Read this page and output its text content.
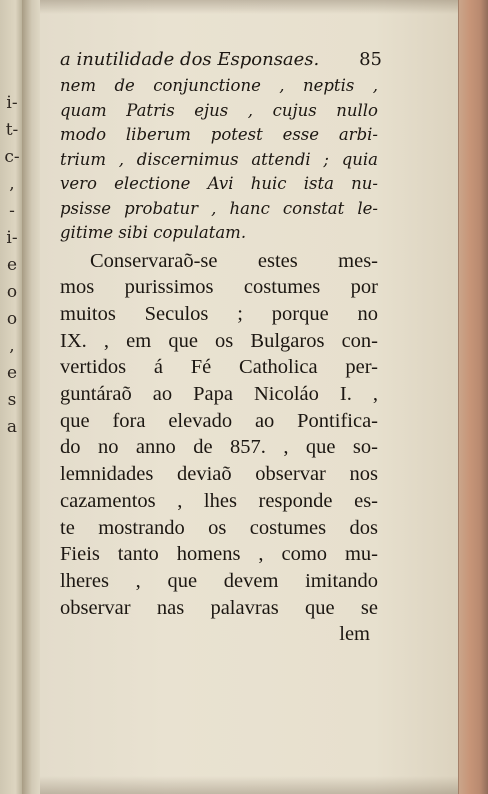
i-
t-
c-
,
-
i-
e
o
o
,
e
s
a
a inutilidade dos Esponsaes. 85
nem de conjunctione , neptis ,
quam Patris ejus , cujus nullo
modo liberum potest esse arbi-
trium , discernimus attendi ; quia
vero electione Avi huic ista nu-
psisse probatur , hanc constat le-
gitime sibi copulatam.
Conservaraõ-se estes mes-
mos purissimos costumes por
muitos Seculos ; porque no
IX. , em que os Bulgaros con-
vertidos á Fé Catholica per-
guntáraõ ao Papa Nicoláo I. ,
que fora elevado ao Pontifica-
do no anno de 857. , que so-
lemnidades deviaõ observar nos
cazamentos , lhes responde es-
te mostrando os costumes dos
Fieis tanto homens , como mu-
lheres , que devem imitando
observar nas palavras que se
lem
